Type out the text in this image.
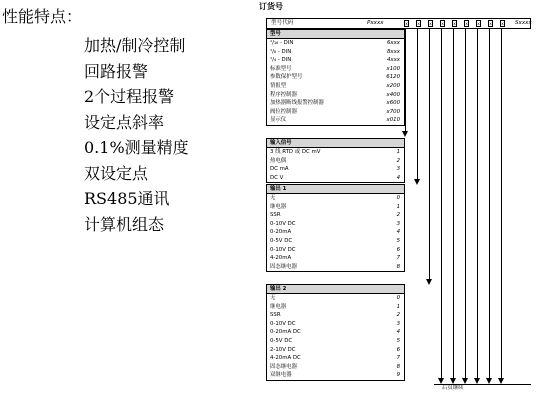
性能特点：
加热/制冷控制
回路报警
2个过程报警
设定点斜率
0.1%测量精度
双设定点
RS485通讯
计算机组态
订货号
型号代码	Pxxxx	x	x	x	x	x	x	x	x	x Sxxxx
型号
¹/₁₆ - DIN	6xxx
¹/₈ - DIN	8xxx
¹/₄ - DIN	4xxx
标准型号	x100
参数保护型号	6120
情报型	x200
程序控制器	x400
加热器断线报警控制器	x600
阀位控制器	x700
显示仪	x010
输入信号
3 线 RTD 或 DC mV	1
热电偶	2
DC mA	3
DC V	4
输出 1
无	0
继电器	1
SSR	2
0-10V DC	3
0-20mA	4
0-5V DC	5
0-10V DC	6
4-20mA	7
固态继电器	8
输出 2
无	0
继电器	1
SSR	2
0-10V DC	3
0-20mA DC	4
0-5V DC	5
2-10V DC	6
4-20mA DC	7
固态继电器	8
双继电器	9
后页继续
